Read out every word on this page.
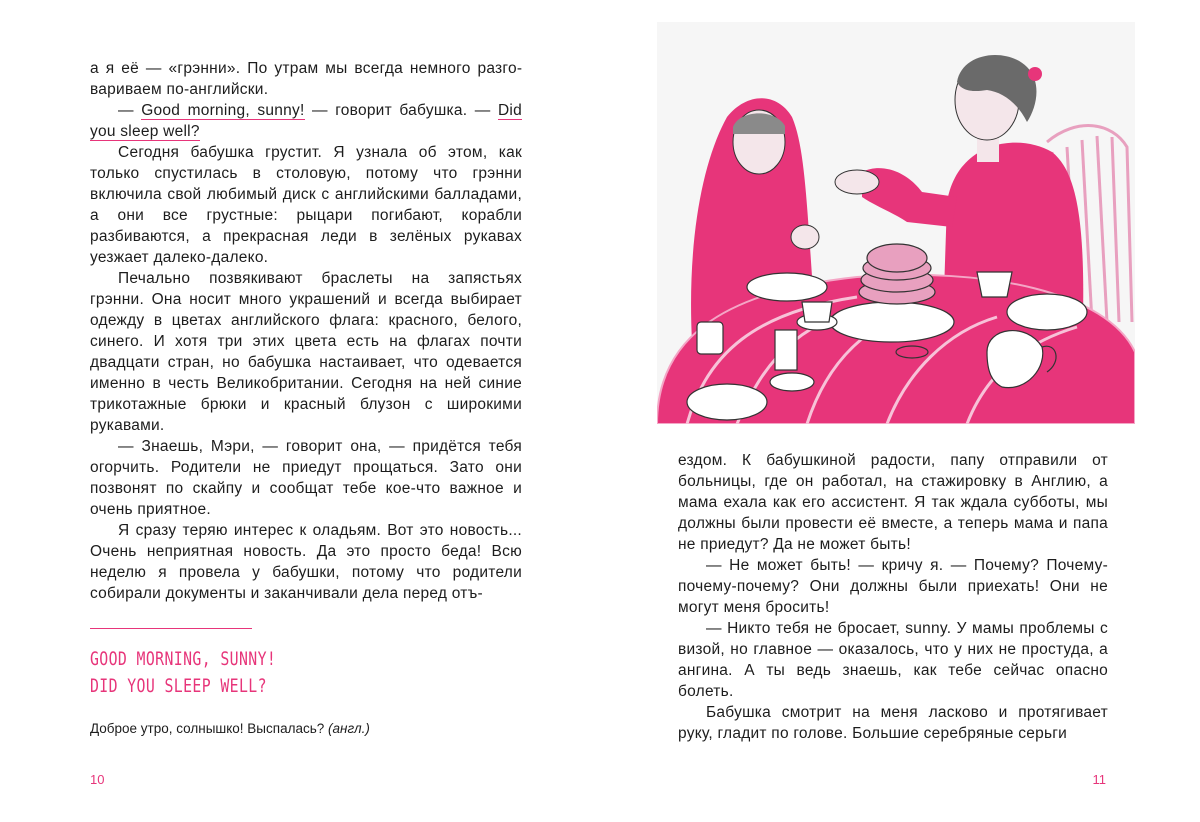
а я её — «грэнни». По утрам мы всегда немного разговариваем по-английски.

— Good morning, sunny! — говорит бабушка. — Did you sleep well?

Сегодня бабушка грустит. Я узнала об этом, как только спустилась в столовую, потому что грэнни включила свой любимый диск с английскими балладами, а они все грустные: рыцари погибают, корабли разбиваются, а прекрасная леди в зелёных рукавах уезжает далеко-далеко.

Печально позвякивают браслеты на запястьях грэнни. Она носит много украшений и всегда выбирает одежду в цветах английского флага: красного, белого, синего. И хотя три этих цвета есть на флагах почти двадцати стран, но бабушка настаивает, что одевается именно в честь Великобритании. Сегодня на ней синие трикотажные брюки и красный блузон с широкими рукавами.

— Знаешь, Мэри, — говорит она, — придётся тебя огорчить. Родители не приедут прощаться. Зато они позвонят по скайпу и сообщат тебе кое-что важное и очень приятное.

Я сразу теряю интерес к оладьям. Вот это новость... Очень неприятная новость. Да это просто беда! Всю неделю я провела у бабушки, потому что родители собирали документы и заканчивали дела перед отъ-

GOOD MORNING, SUNNY!
DID YOU SLEEP WELL?
Доброе утро, солнышко! Выспалась? (англ.)
10

ездом. К бабушкиной радости, папу отправили от больницы, где он работал, на стажировку в Англию, а мама ехала как его ассистент. Я так ждала субботы, мы должны были провести её вместе, а теперь мама и папа не приедут? Да не может быть!

— Не может быть! — кричу я. — Почему? Почему-почему-почему? Они должны были приехать! Они не могут меня бросить!

— Никто тебя не бросает, sunny. У мамы проблемы с визой, но главное — оказалось, что у них не простуда, а ангина. А ты ведь знаешь, как тебе сейчас опасно болеть.

Бабушка смотрит на меня ласково и протягивает руку, гладит по голове. Большие серебряные серьги

11
